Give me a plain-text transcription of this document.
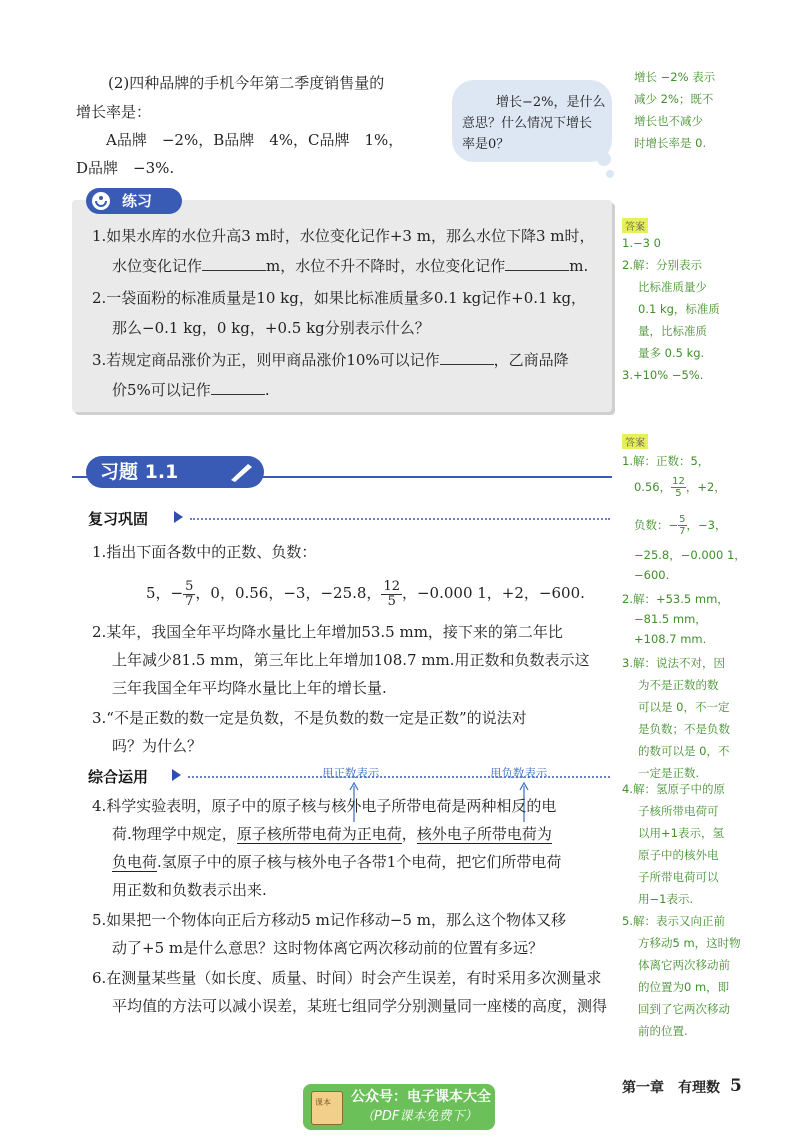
(2)四种品牌的手机今年第二季度销售量的
增长率是：
A品牌　−2%，B品牌　4%，C品牌　1%，
D品牌　−3%.
增长−2%，是什么
意思？什么情况下增长
率是0？
增长 −2% 表示
减少 2%；既不
增长也不减少
时增长率是 0.
练习
1.如果水库的水位升高3 m时，水位变化记作+3 m，那么水位下降3 m时，
水位变化记作	m，水位不升不降时，水位变化记作	m.
2.一袋面粉的标准质量是10 kg，如果比标准质量多0.1 kg记作+0.1 kg，
那么−0.1 kg，0 kg，+0.5 kg分别表示什么？
3.若规定商品涨价为正，则甲商品涨价10%可以记作	，乙商品降
价5%可以记作	.
答案
1.−3 0
2.解：分别表示
比标准质量少
0.1 kg，标准质
量，比标准质
量多 0.5 kg.
3.+10% −5%.
习题 1.1
复习巩固
1.指出下面各数中的正数、负数：
5，− $\frac{5}{7}$ ，0，0.56，−3，−25.8， $\frac{12}{5}$ ，−0.000 1，+2，−600.
2.某年，我国全年平均降水量比上年增加53.5 mm，接下来的第二年比
上年减少81.5 mm，第三年比上年增加108.7 mm.用正数和负数表示这
三年我国全年平均降水量比上年的增长量.
3.“不是正数的数一定是负数，不是负数的数一定是正数”的说法对
吗？为什么？
综合运用	用正数表示	用负数表示
4.科学实验表明，原子中的原子核与核外电子所带电荷是两种相反的电
荷.物理学中规定，原子核所带电荷为正电荷，核外电子所带电荷为
负电荷.氢原子中的原子核与核外电子各带1个电荷，把它们所带电荷
用正数和负数表示出来.
5.如果把一个物体向正后方移动5 m记作移动−5 m，那么这个物体又移
动了+5 m是什么意思？这时物体离它两次移动前的位置有多远？
6.在测量某些量（如长度、质量、时间）时会产生误差，有时采用多次测量求
平均值的方法可以减小误差，某班七组同学分别测量同一座楼的高度，测得
答案
1.解：正数：5，
0.56， $\frac{12}{5}$ ，+2，
负数：− $\frac{5}{7}$ ，−3，
−25.8，−0.000 1，
−600.
2.解：+53.5 mm，
−81.5 mm，
+108.7 mm.
3.解：说法不对，因
为不是正数的数
可以是 0，不一定
是负数；不是负数
的数可以是 0，不
一定是正数.
4.解：氢原子中的原
子核所带电荷可
以用+1表示，氢
原子中的核外电
子所带电荷可以
用−1表示.
5.解：表示又向正前
方移动5 m，这时物
体离它两次移动前
的位置为0 m，即
回到了它两次移动
前的位置.
第一章　有理数 5
课本 公众号：电子课本大全
（PDF课本免费下）
